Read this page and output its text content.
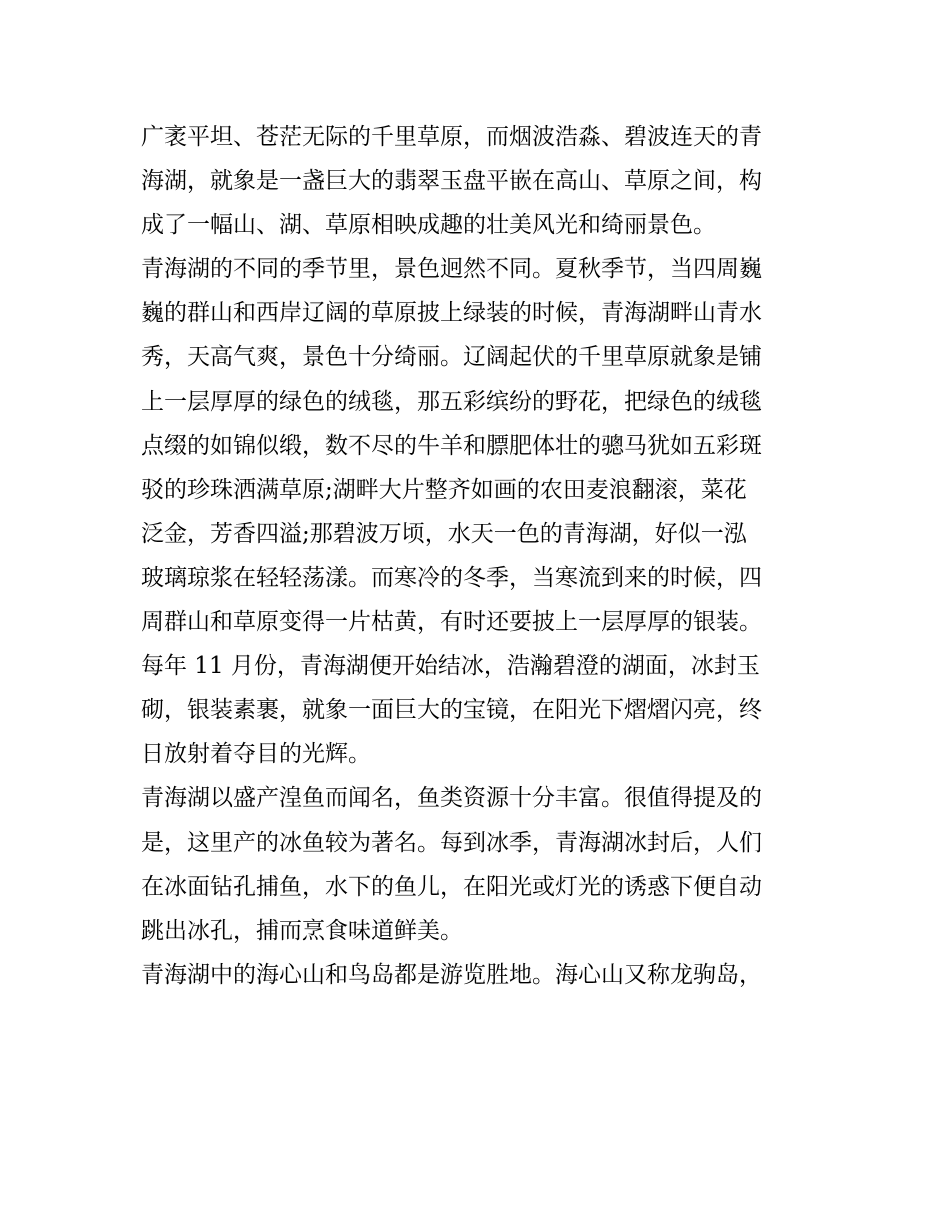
广袤平坦、苍茫无际的千里草原，而烟波浩淼、碧波连天的青
海湖，就象是一盏巨大的翡翠玉盘平嵌在高山、草原之间，构
成了一幅山、湖、草原相映成趣的壮美风光和绮丽景色。
青海湖的不同的季节里，景色迥然不同。夏秋季节，当四周巍
巍的群山和西岸辽阔的草原披上绿装的时候，青海湖畔山青水
秀，天高气爽，景色十分绮丽。辽阔起伏的千里草原就象是铺
上一层厚厚的绿色的绒毯，那五彩缤纷的野花，把绿色的绒毯
点缀的如锦似缎，数不尽的牛羊和膘肥体壮的骢马犹如五彩斑
驳的珍珠洒满草原;湖畔大片整齐如画的农田麦浪翻滚，菜花
泛金，芳香四溢;那碧波万顷，水天一色的青海湖，好似一泓
玻璃琼浆在轻轻荡漾。而寒冷的冬季，当寒流到来的时候，四
周群山和草原变得一片枯黄，有时还要披上一层厚厚的银装。
每年 11 月份，青海湖便开始结冰，浩瀚碧澄的湖面，冰封玉
砌，银装素裹，就象一面巨大的宝镜，在阳光下熠熠闪亮，终
日放射着夺目的光辉。
青海湖以盛产湟鱼而闻名，鱼类资源十分丰富。很值得提及的
是，这里产的冰鱼较为著名。每到冰季，青海湖冰封后，人们
在冰面钻孔捕鱼，水下的鱼儿，在阳光或灯光的诱惑下便自动
跳出冰孔，捕而烹食味道鲜美。
青海湖中的海心山和鸟岛都是游览胜地。海心山又称龙驹岛，
